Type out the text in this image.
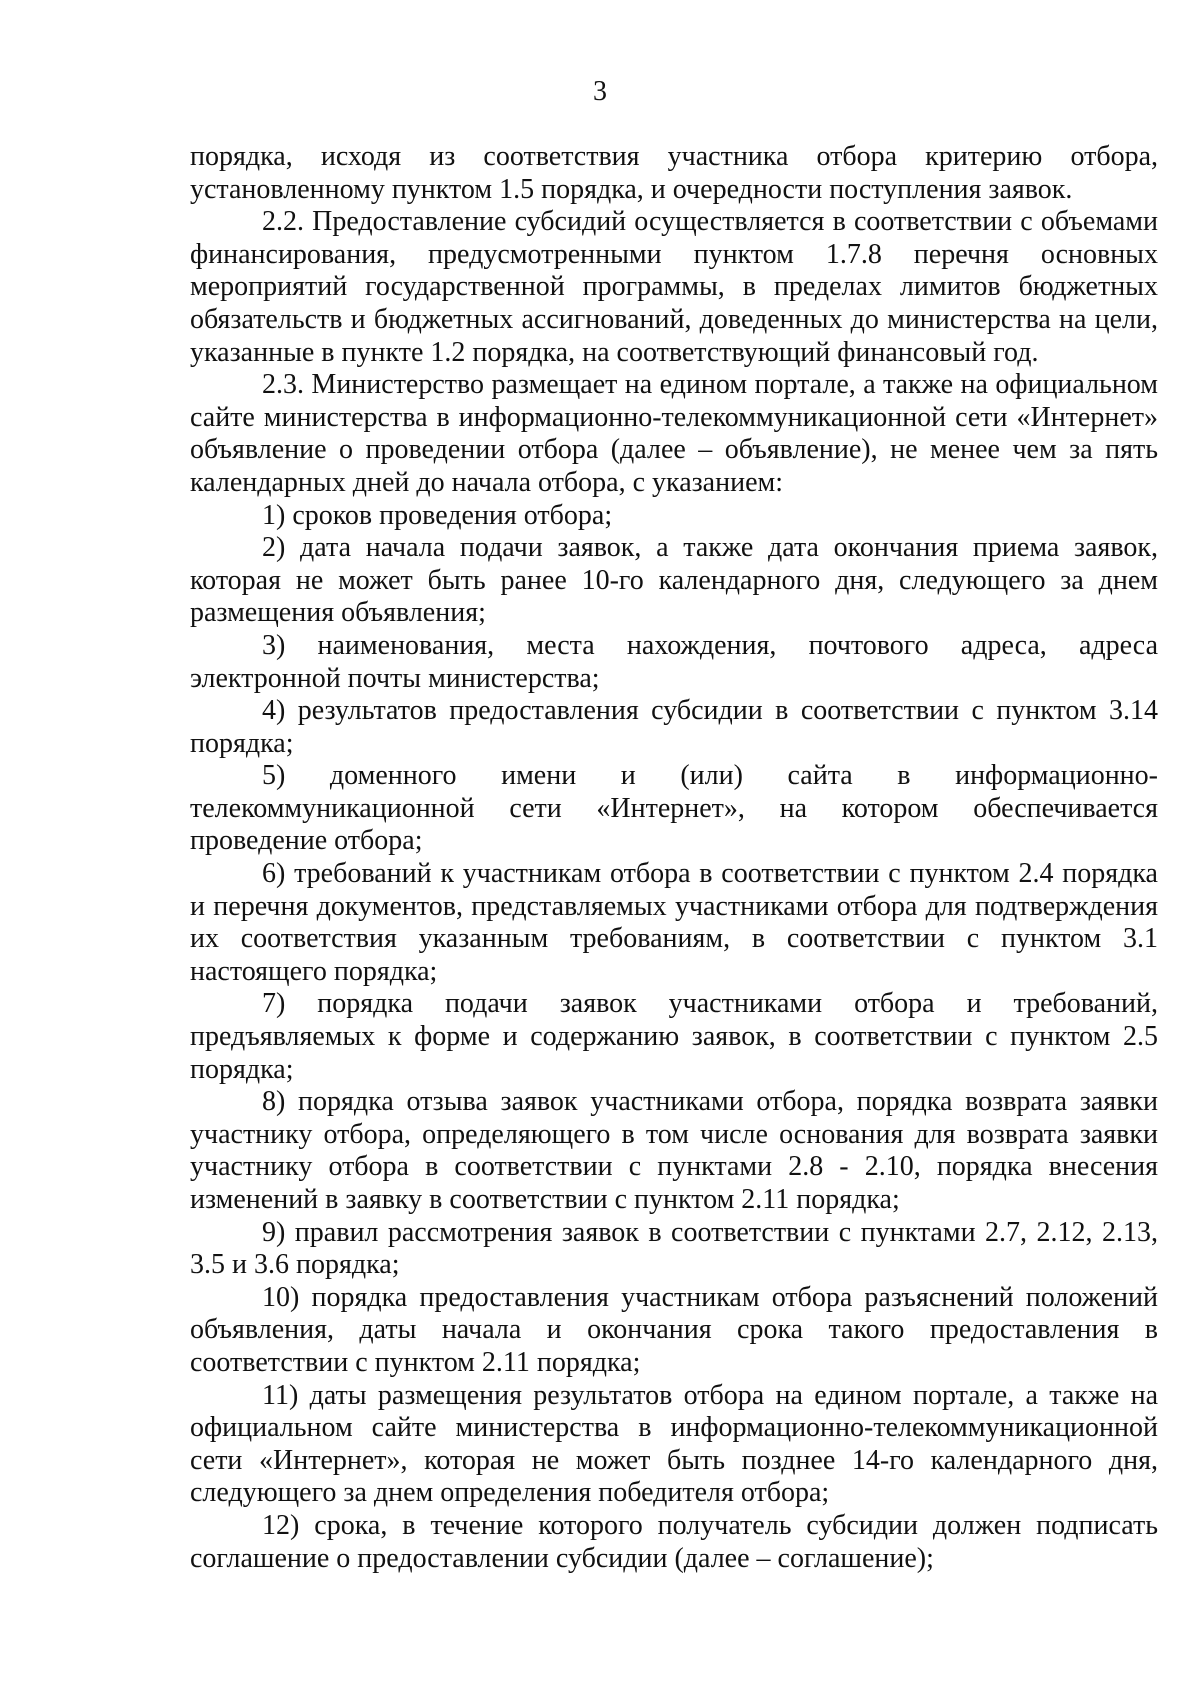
3

порядка, исходя из соответствия участника отбора критерию отбора, установленному пунктом 1.5 порядка, и очередности поступления заявок.

2.2. Предоставление субсидий осуществляется в соответствии с объемами финансирования, предусмотренными пунктом 1.7.8 перечня основных мероприятий государственной программы, в пределах лимитов бюджетных обязательств и бюджетных ассигнований, доведенных до министерства на цели, указанные в пункте 1.2 порядка, на соответствующий финансовый год.

2.3. Министерство размещает на едином портале, а также на официальном сайте министерства в информационно-телекоммуникационной сети «Интернет» объявление о проведении отбора (далее – объявление), не менее чем за пять календарных дней до начала отбора, с указанием:

1) сроков проведения отбора;

2) дата начала подачи заявок, а также дата окончания приема заявок, которая не может быть ранее 10-го календарного дня, следующего за днем размещения объявления;

3) наименования, места нахождения, почтового адреса, адреса электронной почты министерства;

4) результатов предоставления субсидии в соответствии с пунктом 3.14 порядка;

5) доменного имени и (или) сайта в информационно-телекоммуникационной сети «Интернет», на котором обеспечивается проведение отбора;

6) требований к участникам отбора в соответствии с пунктом 2.4 порядка и перечня документов, представляемых участниками отбора для подтверждения их соответствия указанным требованиям, в соответствии с пунктом 3.1 настоящего порядка;

7) порядка подачи заявок участниками отбора и требований, предъявляемых к форме и содержанию заявок, в соответствии с пунктом 2.5 порядка;

8) порядка отзыва заявок участниками отбора, порядка возврата заявки участнику отбора, определяющего в том числе основания для возврата заявки участнику отбора в соответствии с пунктами 2.8 - 2.10, порядка внесения изменений в заявку в соответствии с пунктом 2.11 порядка;

9) правил рассмотрения заявок в соответствии с пунктами 2.7, 2.12, 2.13, 3.5 и 3.6 порядка;

10) порядка предоставления участникам отбора разъяснений положений объявления, даты начала и окончания срока такого предоставления в соответствии с пунктом 2.11 порядка;

11) даты размещения результатов отбора на едином портале, а также на официальном сайте министерства в информационно-телекоммуникационной сети «Интернет», которая не может быть позднее 14-го календарного дня, следующего за днем определения победителя отбора;

12) срока, в течение которого получатель субсидии должен подписать соглашение о предоставлении субсидии (далее – соглашение);
